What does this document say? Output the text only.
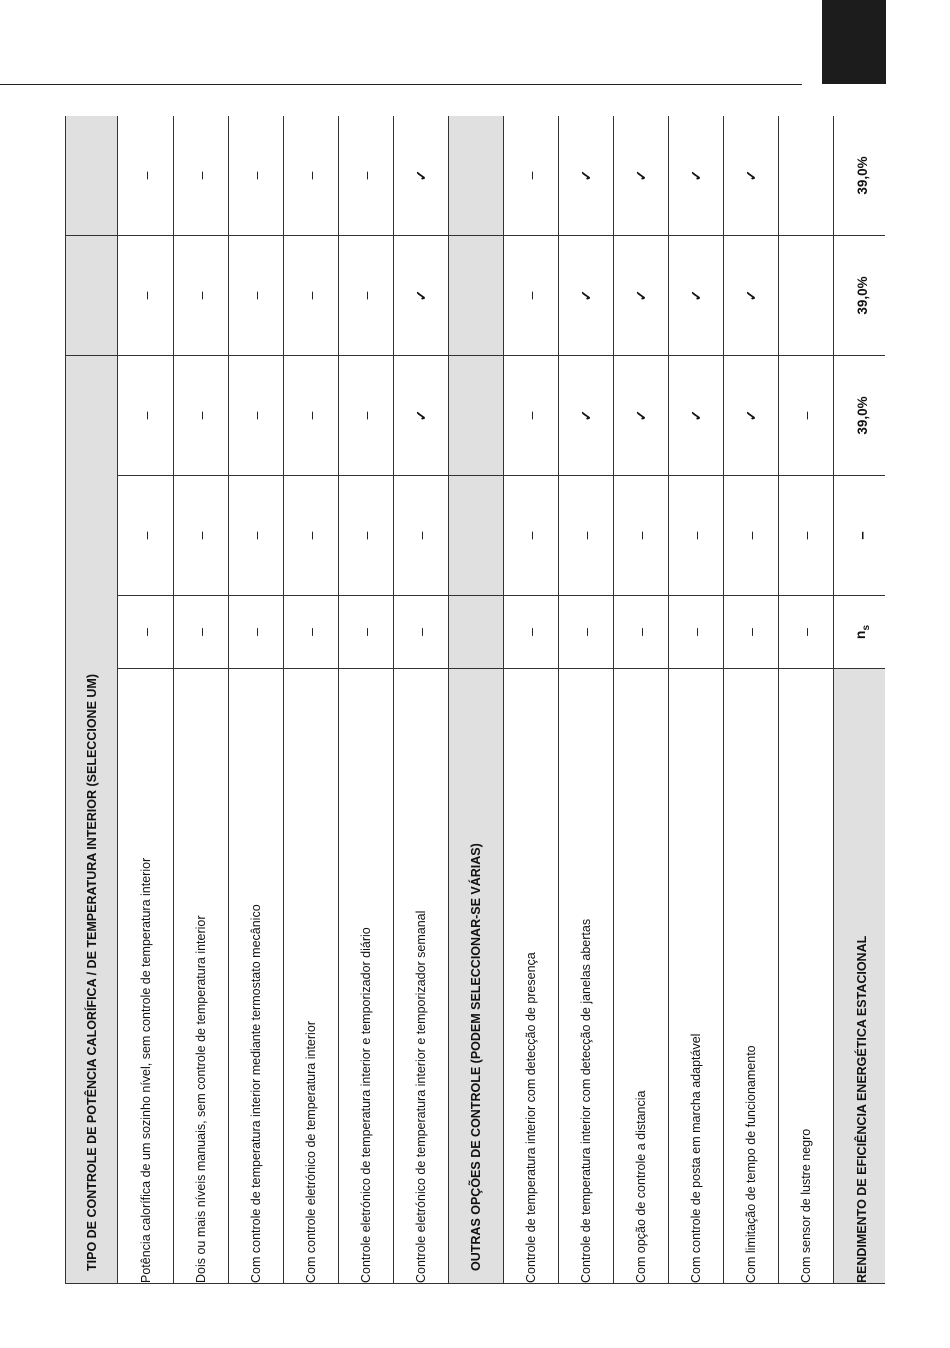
TIPO DE CONTROLE DE POTÊNCIA CALORÍFICA / DE TEMPERATURA INTERIOR (SELECCIONE UM)					
Potência calorífica de um sozinho nível, sem controle de temperatura interior	–	–	–	–	–
Dois ou mais níveis manuais, sem controle de temperatura interior	–	–	–	–	–
Com controle de temperatura interior mediante termostato mecânico	–	–	–	–	–
Com controle eletrónico de temperatura interior	–	–	–	–	–
Controle eletrónico de temperatura interior e temporizador diário	–	–	–	–	–
Controle eletrónico de temperatura interior e temporizador semanal	–	–	✓	✓	✓
OUTRAS OPÇÕES DE CONTROLE (PODEM SELECCIONAR-SE VÁRIAS)					
Controle de temperatura interior com detecção de presença	–	–	–	–	–
Controle de temperatura interior com detecção de janelas abertas	–	–	✓	✓	✓
Com opção de controle a distancia	–	–	✓	✓	✓
Com controle de posta em marcha adaptável	–	–	✓	✓	✓
Com limitação de tempo de funcionamento	–	–	✓	✓	✓
Com sensor de lustre negro	–	–	–		
RENDIMENTO DE EFICIÊNCIA ENERGÉTICA ESTACIONAL	$n_s$	–	39,0%	39,0%	39,0%
